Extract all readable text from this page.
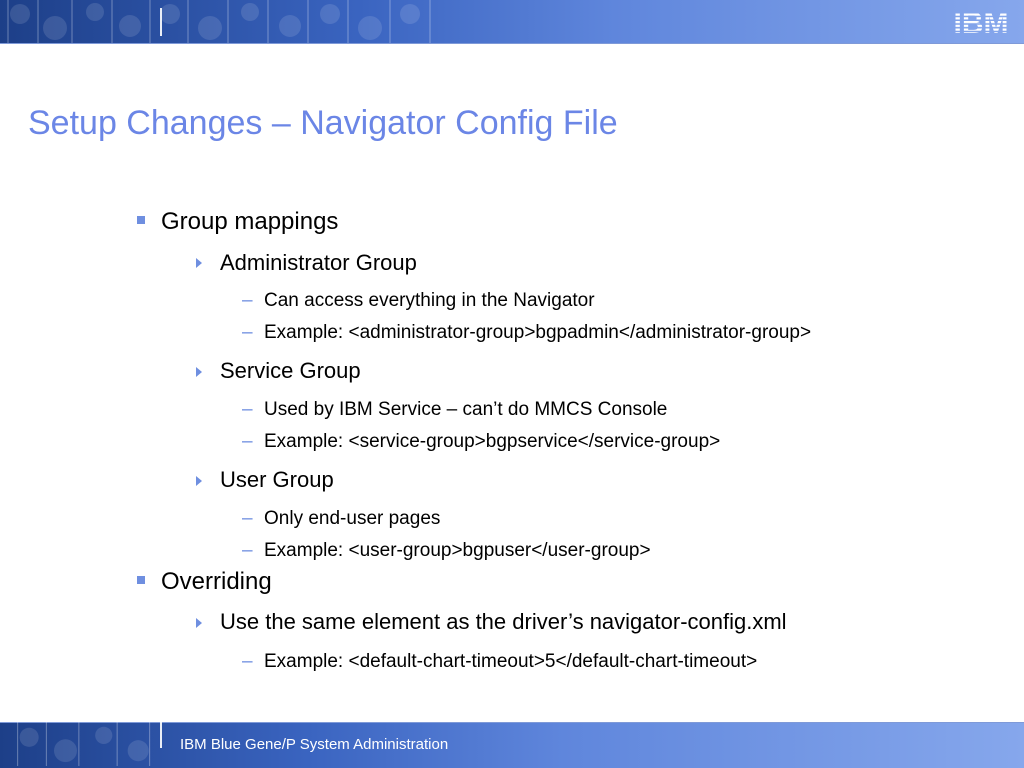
IBM
Setup Changes – Navigator Config File
Group mappings
Administrator Group
– Can access everything in the Navigator
– Example: <administrator-group>bgpadmin</administrator-group>
Service Group
– Used by IBM Service – can’t do MMCS Console
– Example: <service-group>bgpservice</service-group>
User Group
– Only end-user pages
– Example: <user-group>bgpuser</user-group>
Overriding
Use the same element as the driver’s navigator-config.xml
– Example: <default-chart-timeout>5</default-chart-timeout>
IBM Blue Gene/P System Administration
